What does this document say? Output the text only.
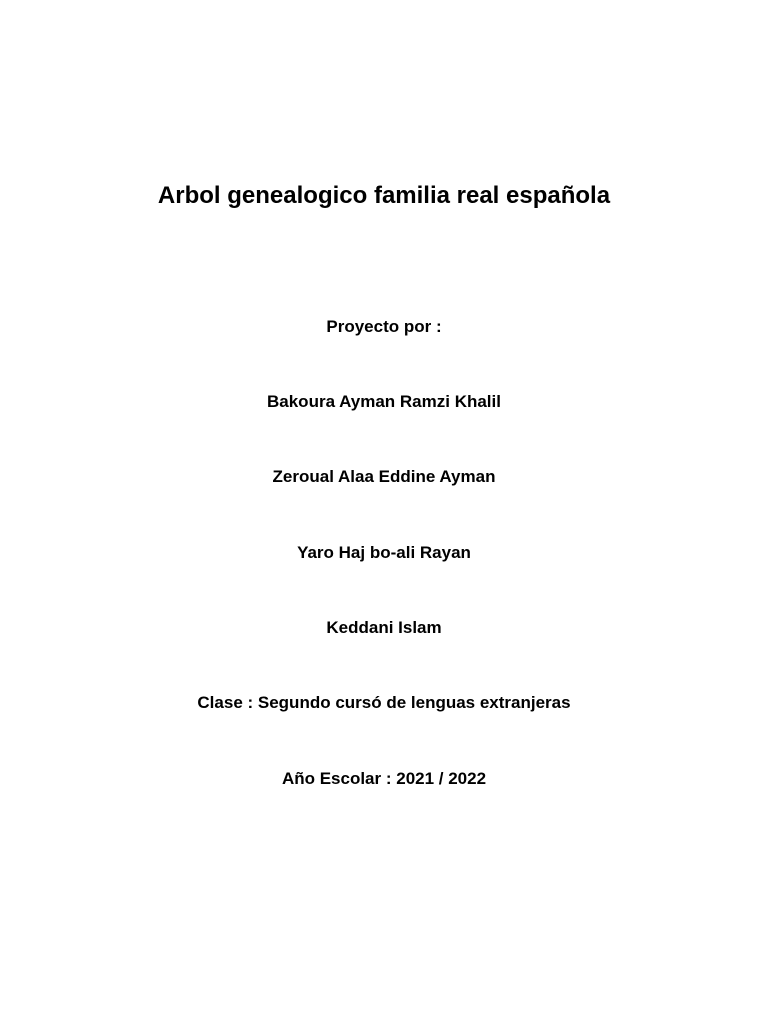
Arbol genealogico familia real española
Proyecto por :
Bakoura Ayman Ramzi Khalil
Zeroual Alaa Eddine Ayman
Yaro Haj bo-ali Rayan
Keddani Islam
Clase : Segundo cursó de lenguas extranjeras
Año Escolar : 2021 / 2022
